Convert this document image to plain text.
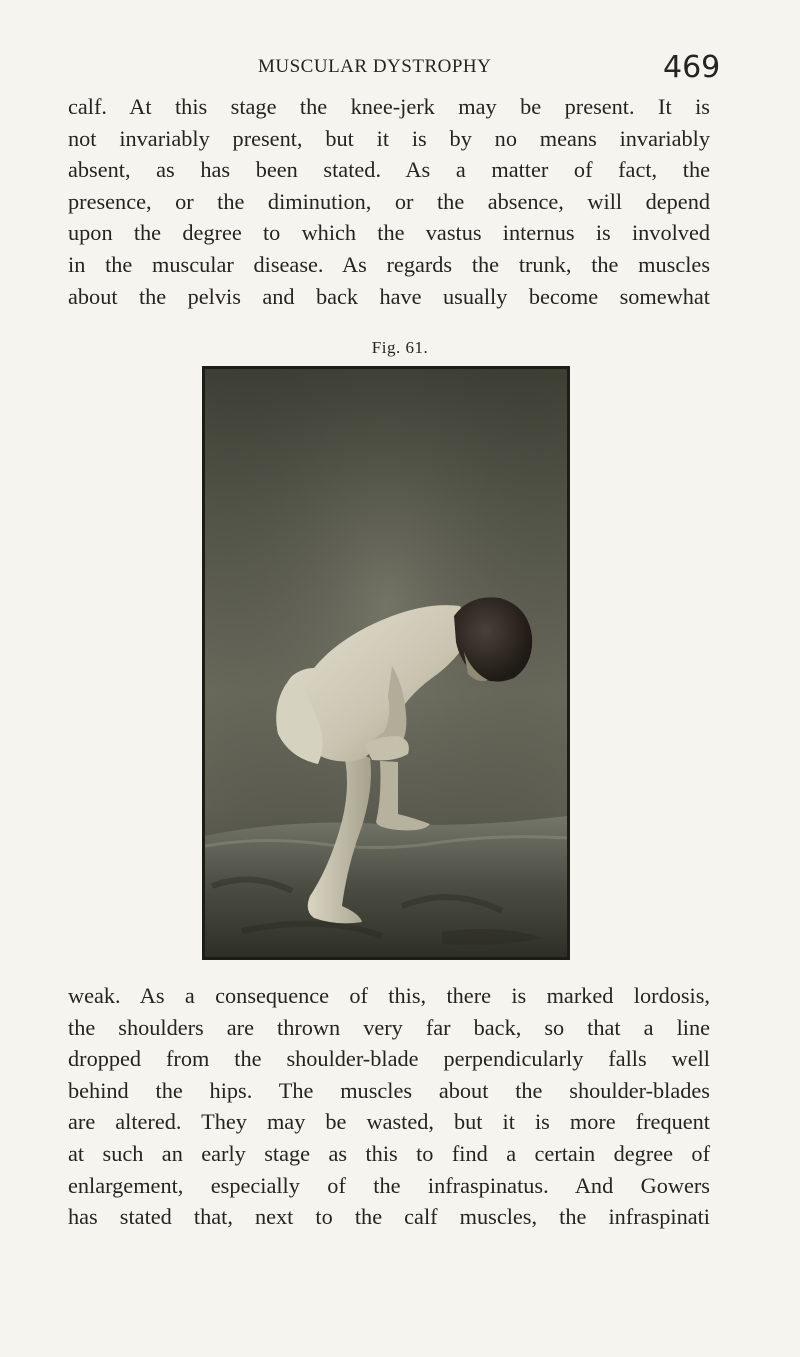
MUSCULAR DYSTROPHY	469
calf. At this stage the knee-jerk may be present. It is
not invariably present, but it is by no means invariably
absent, as has been stated. As a matter of fact, the
presence, or the diminution, or the absence, will depend
upon the degree to which the vastus internus is involved
in the muscular disease. As regards the trunk, the muscles
about the pelvis and back have usually become somewhat
Fig. 61.
weak. As a consequence of this, there is marked lordosis,
the shoulders are thrown very far back, so that a line
dropped from the shoulder-blade perpendicularly falls well
behind the hips. The muscles about the shoulder-blades
are altered. They may be wasted, but it is more frequent
at such an early stage as this to find a certain degree of
enlargement, especially of the infraspinatus. And Gowers
has stated that, next to the calf muscles, the infraspinati
